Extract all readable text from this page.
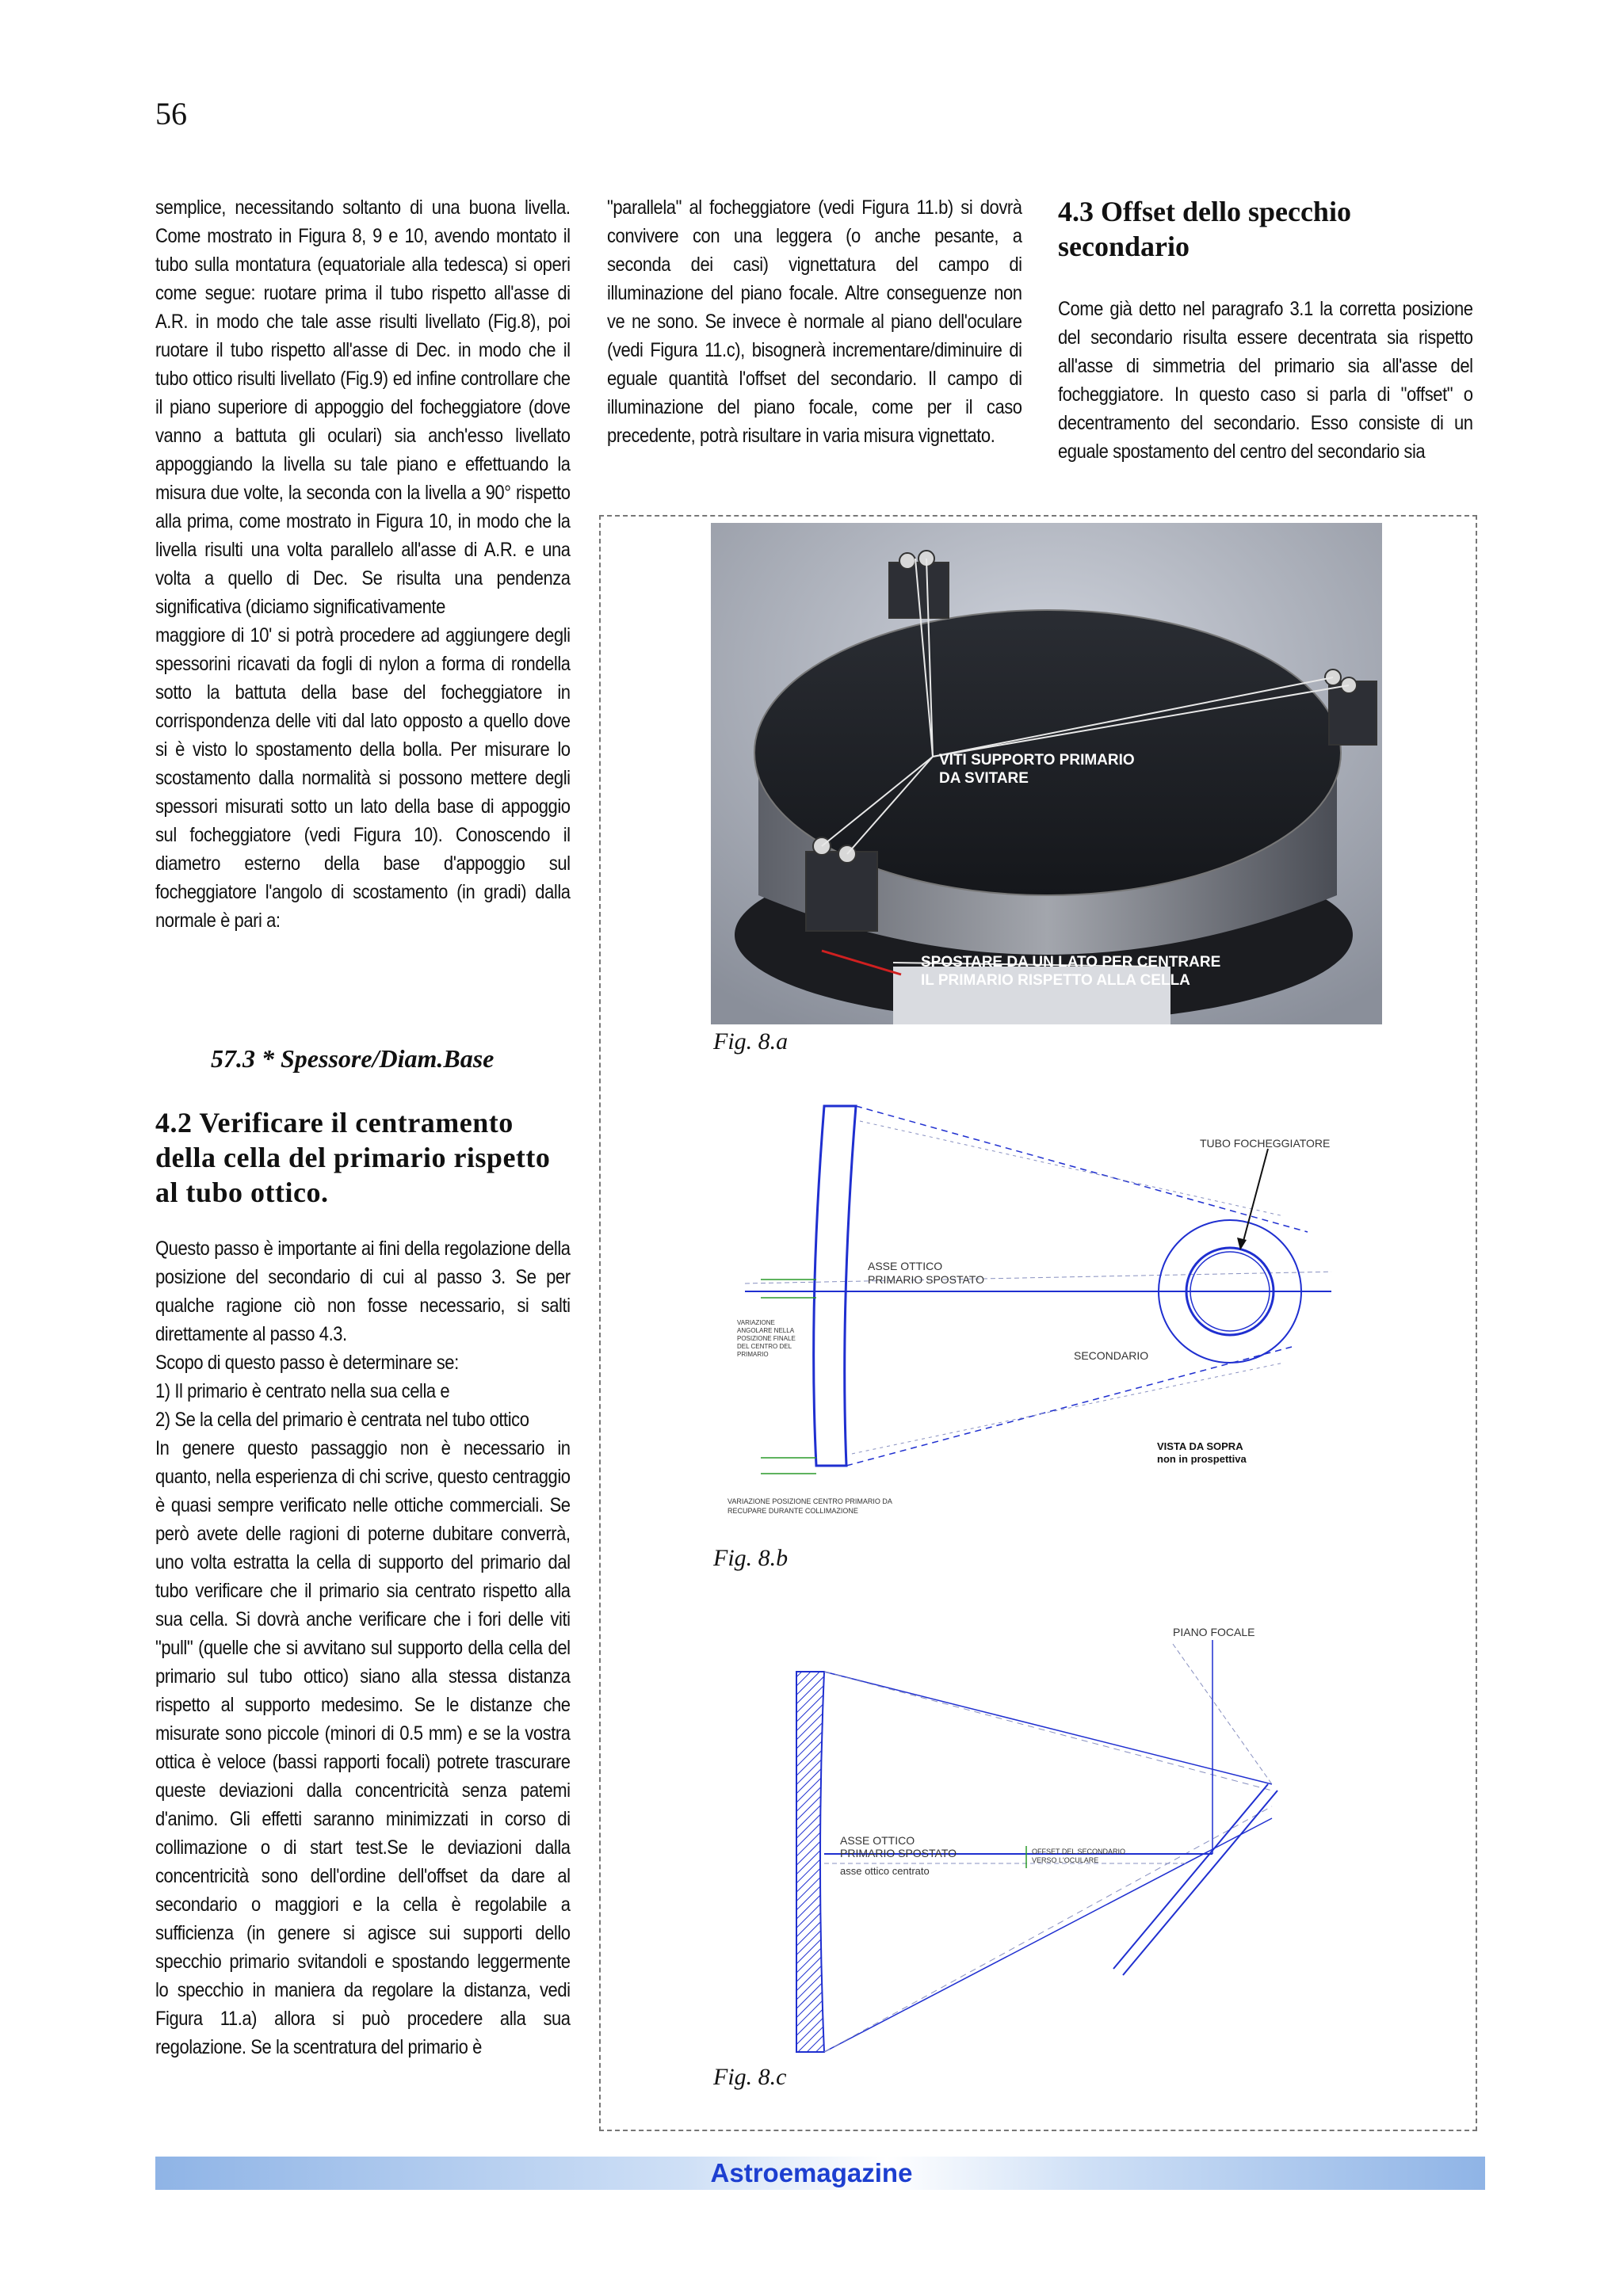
56

semplice, necessitando soltanto di una buona livella. Come mostrato in Figura 8, 9 e 10, avendo montato il tubo sulla montatura (equatoriale alla tedesca) si operi come segue: ruotare prima il tubo rispetto all'asse di A.R. in modo che tale asse risulti livellato (Fig.8), poi ruotare il tubo rispetto all'asse di Dec. in modo che il tubo ottico risulti livellato (Fig.9) ed infine controllare che il piano superiore di appoggio del focheggiatore (dove vanno a battuta gli oculari) sia anch'esso livellato appoggiando la livella su tale piano e effettuando la misura due volte, la seconda con la livella a 90° rispetto alla prima, come mostrato in Figura 10, in modo che la livella risulti una volta parallelo all'asse di A.R. e una volta a quello di Dec. Se risulta una pendenza significativa (diciamo significativamente

maggiore di 10' si potrà procedere ad aggiungere degli spessorini ricavati da fogli di nylon a forma di rondella sotto la battuta della base del focheggiatore in corrispondenza delle viti dal lato opposto a quello dove si è visto lo spostamento della bolla. Per misurare lo scostamento dalla normalità si possono mettere degli spessori misurati sotto un lato della base di appoggio sul focheggiatore (vedi Figura 10). Conoscendo il diametro esterno della base d'appoggio sul focheggiatore l'angolo di scostamento (in gradi) dalla normale è pari a:

57.3 * Spessore/Diam.Base
4.2 Verificare il centramento della cella del primario rispetto al tubo ottico.

Questo passo è importante ai fini della regolazione della posizione del secondario di cui al passo 3. Se per qualche ragione ciò non fosse necessario, si salti direttamente al passo 4.3.

Scopo di questo passo è determinare se:

1) Il primario è centrato nella sua cella e

2) Se la cella del primario è centrata nel tubo ottico

In genere questo passaggio non è necessario in quanto, nella esperienza di chi scrive, questo centraggio è quasi sempre verificato nelle ottiche commerciali. Se però avete delle ragioni di poterne dubitare converrà, uno volta estratta la cella di supporto del primario dal tubo verificare che il primario sia centrato rispetto alla sua cella. Si dovrà anche verificare che i fori delle viti "pull" (quelle che si avvitano sul supporto della cella del primario sul tubo ottico) siano alla stessa distanza rispetto al supporto medesimo. Se le distanze che misurate sono piccole (minori di 0.5 mm) e se la vostra ottica è veloce (bassi rapporti focali) potrete trascurare queste deviazioni dalla concentricità senza patemi d'animo. Gli effetti saranno minimizzati in corso di collimazione o di start test.Se le deviazioni dalla concentricità sono dell'ordine dell'offset da dare al secondario o maggiori e la cella è regolabile a sufficienza (in genere si agisce sui supporti dello specchio primario svitandoli e spostando leggermente lo specchio in maniera da regolare la distanza, vedi Figura 11.a) allora si può procedere alla sua regolazione. Se la scentratura del primario è

"parallela" al focheggiatore (vedi Figura 11.b) si dovrà convivere con una leggera (o anche pesante, a seconda dei casi) vignettatura del campo di illuminazione del piano focale. Altre conseguenze non ve ne sono. Se invece è normale al piano dell'oculare (vedi Figura 11.c), bisognerà incrementare/diminuire di eguale quantità l'offset del secondario. Il campo di illuminazione del piano focale, come per il caso precedente, potrà risultare in varia misura vignettato.

4.3 Offset dello specchio secondario

Come già detto nel paragrafo 3.1 la corretta posizione del secondario risulta essere decentrata sia rispetto all'asse di simmetria del primario sia all'asse del focheggiatore. In questo caso si parla di "offset" o decentramento del secondario. Esso consiste di un eguale spostamento del centro del secondario sia

VITI SUPPORTO PRIMARIO
DA SVITARE
SPOSTARE DA UN LATO PER CENTRARE
IL PRIMARIO RISPETTO ALLA CELLA
Fig. 8.a
TUBO FOCHEGGIATORE
ASSE OTTICO
PRIMARIO SPOSTATO
VARIAZIONE
ANGOLARE NELLA
POSIZIONE FINALE
DEL CENTRO DEL
PRIMARIO	SECONDARIO
VISTA DA SOPRA
non in prospettiva
VARIAZIONE POSIZIONE CENTRO PRIMARIO DA
RECUPARE DURANTE COLLIMAZIONE
Fig. 8.b
PIANO FOCALE
ASSE OTTICO
PRIMARIO SPOSTATO
asse ottico centrato
OFFSET DEL SECONDARIO
VERSO L'OCULARE
Fig. 8.c
Astroemagazine
